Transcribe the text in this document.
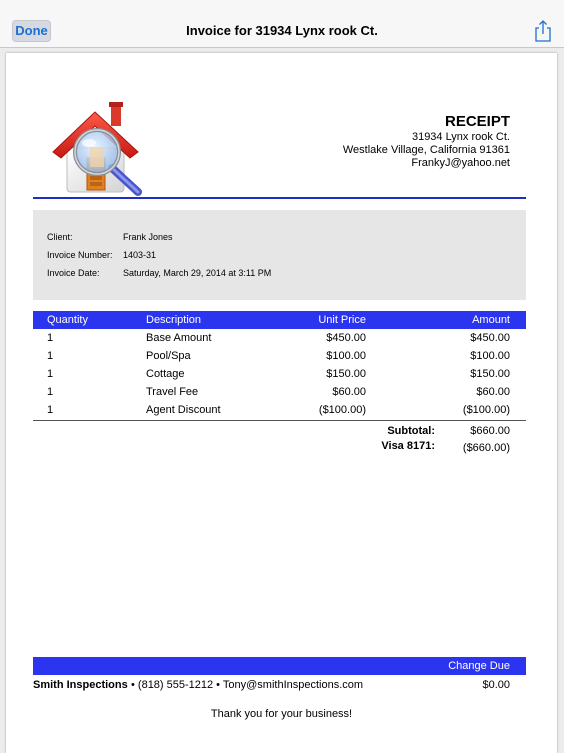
Done	Invoice for 31934 Lynx rook Ct.
RECEIPT
31934 Lynx rook Ct.
Westlake Village, California 91361
FrankyJ@yahoo.net
Client:	Frank Jones
Invoice Number:	1403-31
Invoice Date:	Saturday, March 29, 2014 at 3:11 PM
Quantity	Description	Unit Price	Amount
1	Base Amount	$450.00	$450.00
1	Pool/Spa	$100.00	$100.00
1	Cottage	$150.00	$150.00
1	Travel Fee	$60.00	$60.00
1	Agent Discount	($100.00)	($100.00)
Subtotal:	$660.00
Visa 8171:	($660.00)
Change Due
Smith Inspections • (818) 555-1212 • Tony@smithInspections.com	$0.00
Thank you for your business!
